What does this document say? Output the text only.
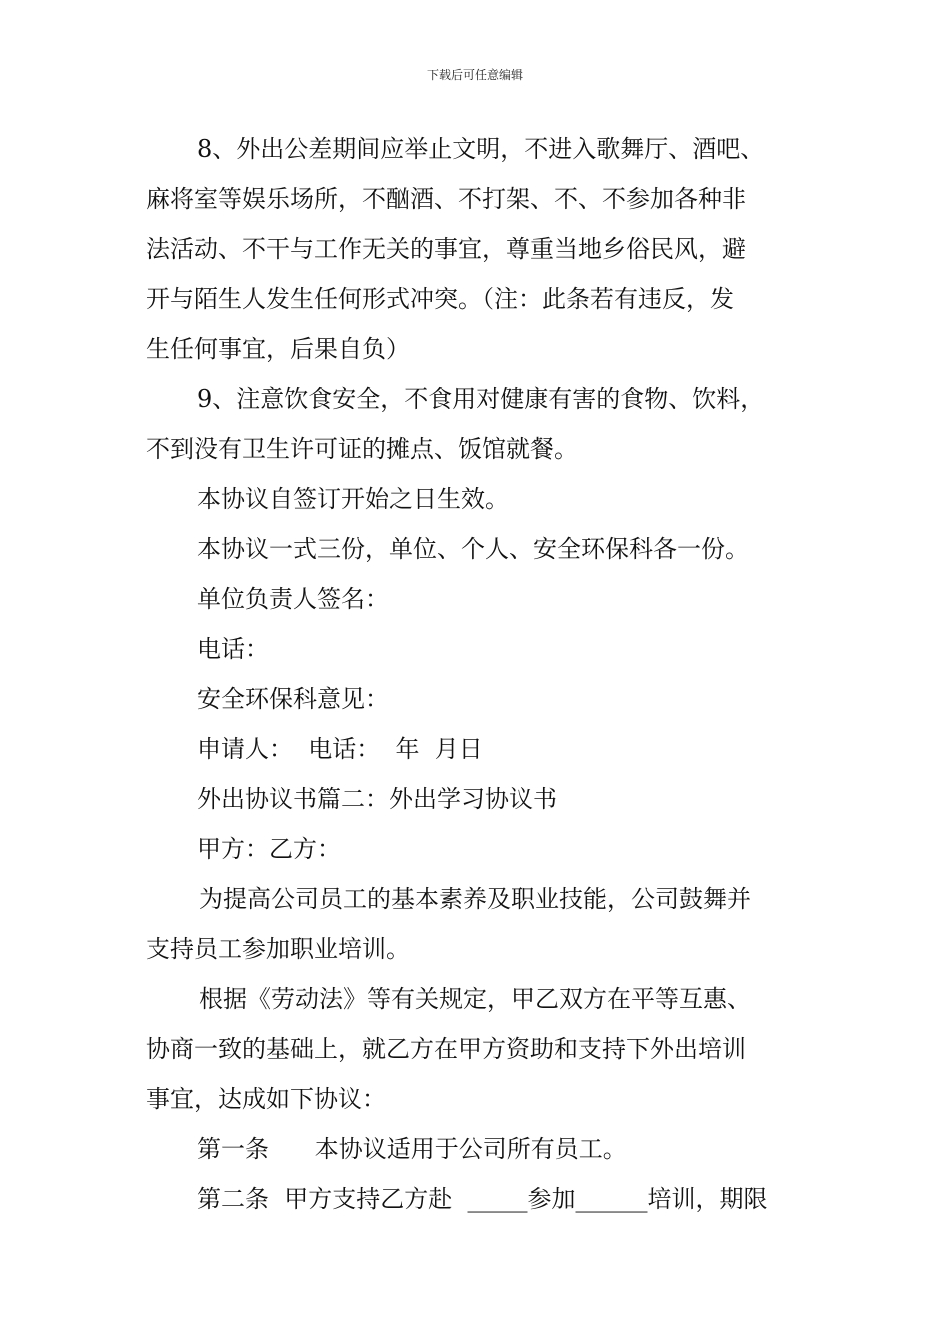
下载后可任意编辑
8、外出公差期间应举止文明，不进入歌舞厅、酒吧、
麻将室等娱乐场所，不酗酒、不打架、不、不参加各种非
法活动、不干与工作无关的事宜，尊重当地乡俗民风，避
开与陌生人发生任何形式冲突。（注：此条若有违反，发
生任何事宜，后果自负）
9、注意饮食安全，不食用对健康有害的食物、饮料，
不到没有卫生许可证的摊点、饭馆就餐。
本协议自签订开始之日生效。
本协议一式三份，单位、个人、安全环保科各一份。
单位负责人签名：
电话：
安全环保科意见：
申请人：  电话：  年  月日
外出协议书篇二：外出学习协议书
甲方：乙方：
为提高公司员工的基本素养及职业技能，公司鼓舞并
支持员工参加职业培训。
根据《劳动法》等有关规定，甲乙双方在平等互惠、
协商一致的基础上，就乙方在甲方资助和支持下外出培训
事宜，达成如下协议：
第一条      本协议适用于公司所有员工。
第二条  甲方支持乙方赴  _____参加______培训，期限
